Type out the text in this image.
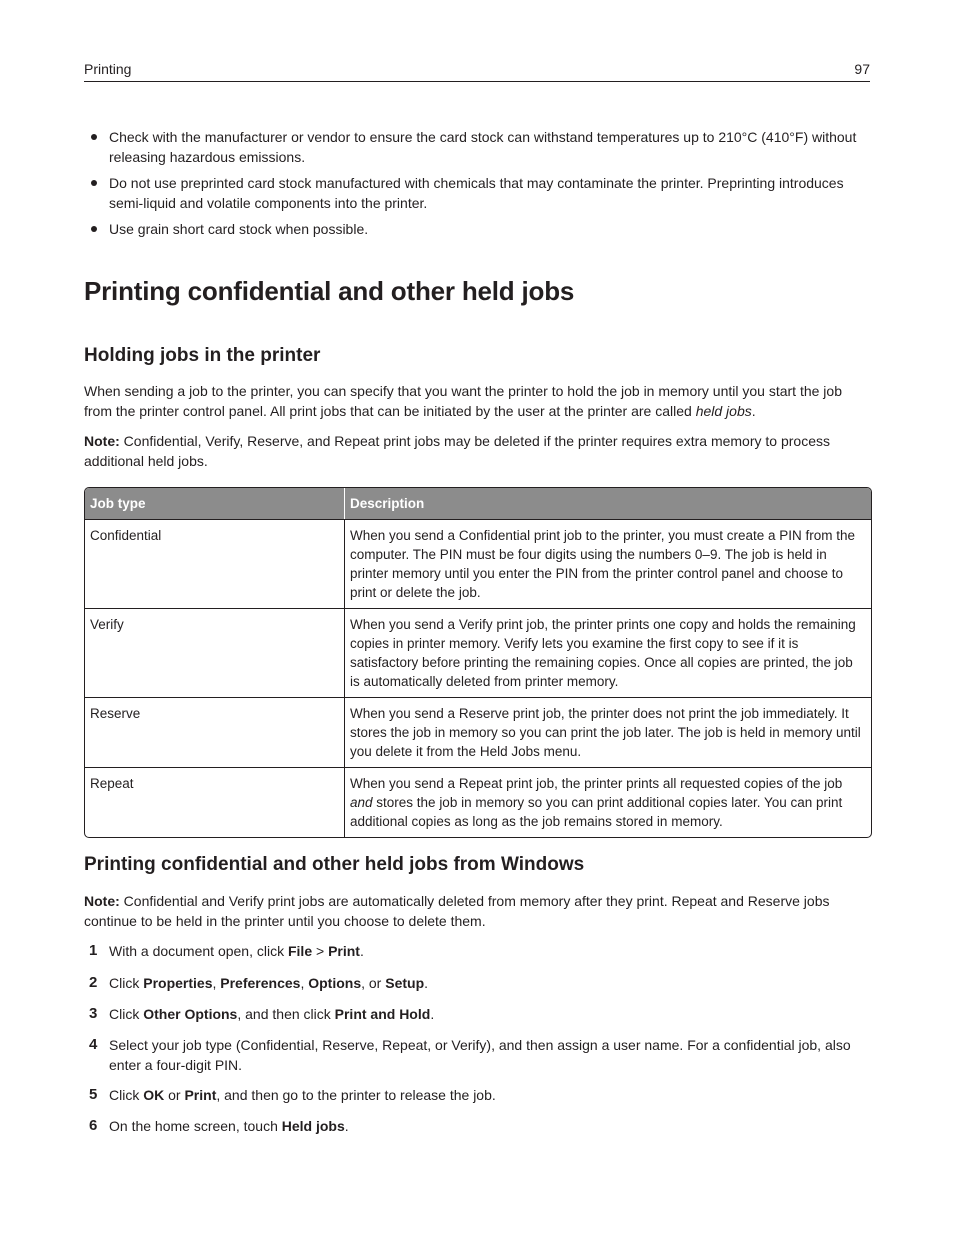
Printing	97
Check with the manufacturer or vendor to ensure the card stock can withstand temperatures up to 210°C (410°F) without releasing hazardous emissions.
Do not use preprinted card stock manufactured with chemicals that may contaminate the printer. Preprinting introduces semi-liquid and volatile components into the printer.
Use grain short card stock when possible.
Printing confidential and other held jobs
Holding jobs in the printer

When sending a job to the printer, you can specify that you want the printer to hold the job in memory until you start the job from the printer control panel. All print jobs that can be initiated by the user at the printer are called held jobs.

Note: Confidential, Verify, Reserve, and Repeat print jobs may be deleted if the printer requires extra memory to process additional held jobs.

Job type	Description
Confidential	When you send a Confidential print job to the printer, you must create a PIN from the computer. The PIN must be four digits using the numbers 0–9. The job is held in printer memory until you enter the PIN from the printer control panel and choose to print or delete the job.
Verify	When you send a Verify print job, the printer prints one copy and holds the remaining copies in printer memory. Verify lets you examine the first copy to see if it is satisfactory before printing the remaining copies. Once all copies are printed, the job is automatically deleted from printer memory.
Reserve	When you send a Reserve print job, the printer does not print the job immediately. It stores the job in memory so you can print the job later. The job is held in memory until you delete it from the Held Jobs menu.
Repeat	When you send a Repeat print job, the printer prints all requested copies of the job and stores the job in memory so you can print additional copies later. You can print additional copies as long as the job remains stored in memory.
Printing confidential and other held jobs from Windows

Note: Confidential and Verify print jobs are automatically deleted from memory after they print. Repeat and Reserve jobs continue to be held in the printer until you choose to delete them.

1 With a document open, click File > Print.
2 Click Properties, Preferences, Options, or Setup.
3 Click Other Options, and then click Print and Hold.
4 Select your job type (Confidential, Reserve, Repeat, or Verify), and then assign a user name. For a confidential job, also enter a four-digit PIN.
5 Click OK or Print, and then go to the printer to release the job.
6 On the home screen, touch Held jobs.
